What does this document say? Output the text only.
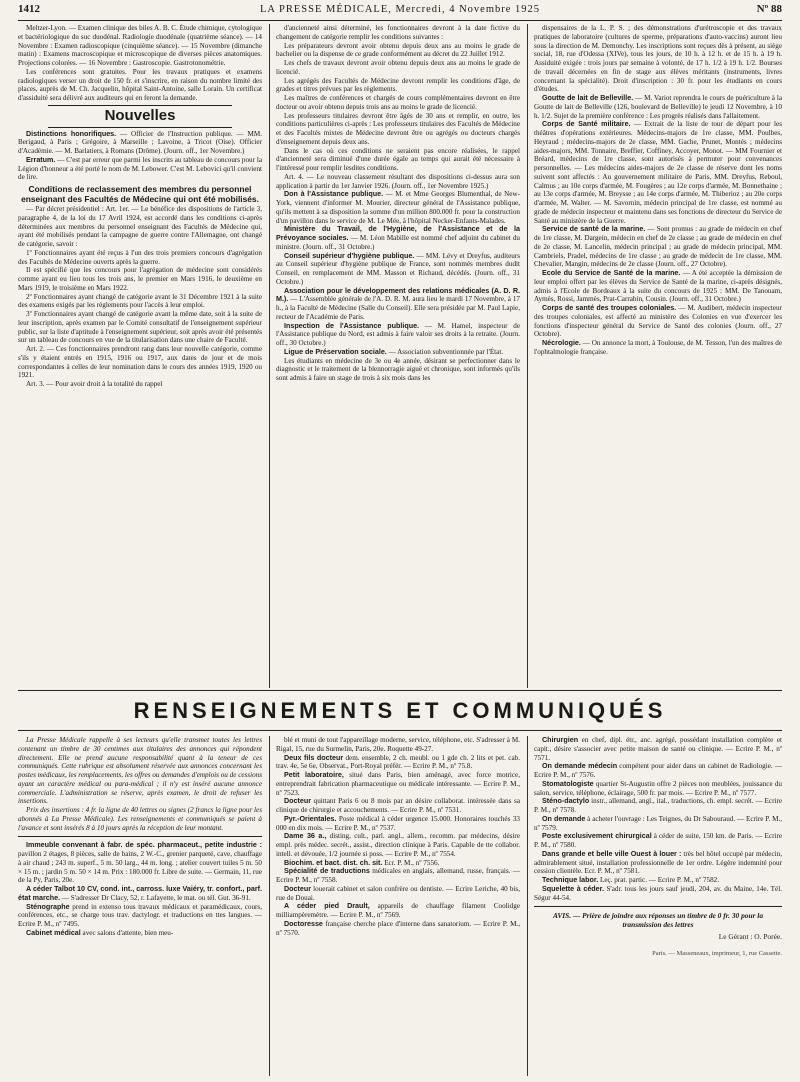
1412	LA PRESSE MÉDICALE, Mercredi, 4 Novembre 1925	Nº 88

Meltzer-Lyon. — Examen clinique des biles A. B. C. Étude chimique, cytologique et bactériologique du suc duodénal. Radiologie duodénale (quatrième séance). — 14 Novembre : Examen radioscopique (cinquième séance). — 15 Novembre (dimanche matin) : Examens macroscopique et microscopique de diverses pièces anatomiques. Projections colorées. — 16 Novembre : Gastroscopie. Gastrotonométrie.

Les conférences sont gratuites. Pour les travaux pratiques et examens radiologiques verser un droit de 150 fr. et s'inscrire, en raison du nombre limité des places, auprès de M. Ch. Jacquelin, hôpital Saint-Antoine, salle Lorain. Un certificat d'assiduité sera délivré aux auditeurs qui en feront la demande.

Nouvelles

Distinctions honorifiques. — Officier de l'Instruction publique. — MM. Berigaud, à Paris ; Grégoire, à Marseille ; Lavoine, à Tricot (Oise). Officier d'Académie. — M. Barlatiers, à Romans (Drôme). (Journ. off., 1er Novembre.)

Erratum. — C'est par erreur que parmi les inscrits au tableau de concours pour la Légion d'honneur a été porté le nom de M. Lebower. C'est M. Lebovici qu'il convient de lire.

Conditions de reclassement des membres du personnel enseignant des Facultés de Médecine qui ont été mobilisés.

— Par décret présidentiel : Art. 1er. — Le bénéfice des dispositions de l'article 3, paragraphe 4, de la loi du 17 Avril 1924, est accordé dans les conditions ci-après déterminées aux membres du personnel enseignant des Facultés de Médecine qui, ayant été mobilisés pendant la campagne de guerre contre l'Allemagne, ont changé de catégorie, savoir :

1º Fonctionnaires ayant été reçus à l'un des trois premiers concours d'agrégation des Facultés de Médecine ouverts après la guerre.

Il est spécifié que les concours pour l'agrégation de médecine sont considérés comme ayant eu lieu tous les trois ans, le premier en Mars 1916, le deuxième en Mars 1919, le troisième en Mars 1922.

2º Fonctionnaires ayant changé de catégorie avant le 31 Décembre 1921 à la suite des examens exigés par les règlements pour l'accès à leur emploi.

3º Fonctionnaires ayant changé de catégorie avant la même date, soit à la suite de leur inscription, après examen par le Comité consultatif de l'enseignement supérieur public, sur la liste d'aptitude à l'enseignement supérieur, soit après avoir été présentés sur un tableau de concours en vue de la titularisation dans une chaire de Faculté.

Art. 2. — Ces fonctionnaires prendront rang dans leur nouvelle catégorie, comme s'ils y étaient entrés en 1915, 1916 ou 1917, aux dates de jour et de mois correspondantes à celles de leur nomination dans le cours des années 1919, 1920 ou 1921.

Art. 3. — Pour avoir droit à la totalité du rappel

d'ancienneté ainsi déterminé, les fonctionnaires devront à la date fictive du changement de catégorie remplir les conditions suivantes :

Les préparateurs devront avoir obtenu depuis deux ans au moins le grade de bachelier ou la dispense de ce grade conformément au décret du 22 Juillet 1912.

Les chefs de travaux devront avoir obtenu depuis deux ans au moins le grade de licencié.

Les agrégés des Facultés de Médecine devront remplir les conditions d'âge, de grades et titres prévues par les règlements.

Les maîtres de conférences et chargés de cours complémentaires devront en être docteur ou avoir obtenu depuis trois ans au moins le grade de licencié.

Les professeurs titulaires devront être âgés de 30 ans et remplir, en outre, les conditions particulières ci-après : Les professeurs titulaires des Facultés de Médecine et des Facultés mixtes de Médecine devront être ou agrégés ou docteurs chargés d'enseignement depuis deux ans.

Dans le cas où ces conditions ne seraient pas encore réalisées, le rappel d'ancienneté sera diminué d'une durée égale au temps qui aurait été nécessaire à l'intéressé pour remplir lesdites conditions.

Art. 4. — Le nouveau classement résultant des dispositions ci-dessus aura son application à partir du 1er Janvier 1926. (Journ. off., 1er Novembre 1925.)

Don à l'Assistance publique. — M. et Mme Georges Blumenthal, de New-York, viennent d'informer M. Mourier, directeur général de l'Assistance publique, qu'ils mettent à sa disposition la somme d'un million 800.000 fr. pour la construction d'un pavillon dans le service de M. Le Mée, à l'hôpital Necker-Enfants-Malades.

Ministère du Travail, de l'Hygiène, de l'Assistance et de la Prévoyance sociales. — M. Léon Mabille est nommé chef adjoint du cabinet du ministre. (Journ. off., 31 Octobre.)

Conseil supérieur d'hygiène publique. — MM. Lévy et Dreyfus, auditeurs au Conseil supérieur d'hygiène publique de France, sont nommés membres dudit Conseil, en remplacement de MM. Masson et Richaud, décédés. (Journ. off., 31 Octobre.)

Association pour le développement des relations médicales (A. D. R. M.). — L'Assemblée générale de l'A. D. R. M. aura lieu le mardi 17 Novembre, à 17 h., à la Faculté de Médecine (Salle du Conseil). Elle sera présidée par M. Paul Lapie, recteur de l'Académie de Paris.

Inspection de l'Assistance publique. — M. Hamel, inspecteur de l'Assistance publique du Nord, est admis à faire valoir ses droits à la retraite. (Journ. off., 30 Octobre.)

Ligue de Préservation sociale. — Association subventionnée par l'État.

Les étudiants en médecine de 3e ou 4e année, désirant se perfectionner dans le diagnostic et le traitement de la blennorragie aiguë et chronique, sont informés qu'ils sont admis à faire un stage de trois à six mois dans les

dispensaires de la L. P. S. ; des démonstrations d'urétroscopie et des travaux pratiques de laboratoire (cultures de sperme, préparations d'auto-vaccins) auront lieu sous la direction de M. Demonchy. Les inscriptions sont reçues dès à présent, au siège social, 18, rue d'Odessa (XIVe), tous les jours, de 10 h. à 12 h. et de 15 h. à 19 h. Assiduité exigée : trois jours par semaine à volonté, de 17 h. 1/2 à 19 h. 1/2. Bourses de travail décernées en fin de stage aux élèves méritants (instruments, livres concernant la spécialité). Droit d'inscription : 30 fr. pour les étudiants en cours d'études.

Goutte de lait de Belleville. — M. Variot reprendra le cours de puériculture à la Goutte de lait de Belleville (126, boulevard de Belleville) le jeudi 12 Novembre, à 10 h. 1/2. Sujet de la première conférence : Les progrès réalisés dans l'allaitement.

Corps de Santé militaire. — Extrait de la liste de tour de départ pour les théâtres d'opérations extérieures. Médecins-majors de 1re classe, MM. Poulbes, Heyraud ; médecins-majors de 2e classe, MM. Gache, Prunet, Montés ; médecins aides-majors, MM. Tonnaire, Breffier, Coffiney, Accoyer, Monot. — MM Fournier et Bréard, médecins de 1re classe, sont autorisés à permuter pour convenances personnelles. — Les médecins aides-majors de 2e classe de réserve dont les noms suivent sont affectés : Au gouvernement militaire de Paris, MM. Dreyfus, Reboul, Calmus ; au 10e corps d'armée, M. Fougères ; au 12e corps d'armée, M. Bonnethaine ; au 13e corps d'armée, M. Breysse ; au 14e corps d'armée, M. Thiberioz ; au 20e corps d'armée, M. Walter. — M. Savornin, médecin principal de 1re classe, est nommé au grade de médecin inspecteur et maintenu dans ses fonctions de directeur du Service de Santé au ministère de la Guerre.

Service de santé de la marine. — Sont promus : au grade de médecin en chef de 1re classe, M. Dargein, médecin en chef de 2e classe ; au grade de médecin en chef de 2e classe, M. Lancelin, médecin principal ; au grade de médecin principal, MM. Cambriels, Pradel, médecins de 1re classe ; au grade de médecin de 1re classe, MM. Chevalier, Mangin, médecins de 2e classe (Journ. off., 27 Octobre).

Ecole du Service de Santé de la marine. — A été acceptée la démission de leur emploi offert par les élèves du Service de Santé de la marine, ci-après désignés, admis à l'Ecole de Bordeaux à la suite du concours de 1925 : MM. De Tanouam, Aymès, Rossi, Jammès, Prat-Carrabin, Cousin. (Journ. off., 31 Octobre.)

Corps de santé des troupes coloniales. — M. Audibert, médecin inspecteur des troupes coloniales, est affecté au ministère des Colonies en vue d'exercer les fonctions d'inspecteur général du Service de Santé des colonies (Journ. off., 27 Octobre).

Nécrologie. — On annonce la mort, à Toulouse, de M. Tesson, l'un des maîtres de l'ophtalmologie française.

RENSEIGNEMENTS ET COMMUNIQUÉS

La Presse Médicale rappelle à ses lecteurs qu'elle transmet toutes les lettres contenant un timbre de 30 centimes aux titulaires des annonces qui répondent directement. Elle ne prend aucune responsabilité quant à la teneur de ces communiqués. Cette rubrique est absolument réservée aux annonces concernant les postes médicaux, les remplacements, les offres ou demandes d'emplois ou de cessions ayant un caractère médical ou para-médical ; il n'y est inséré aucune annonce commerciale. L'administration se réserve, après examen, le droit de refuser les insertions.

Prix des insertions : 4 fr. la ligne de 40 lettres ou signes (2 francs la ligne pour les abonnés à La Presse Médicale). Les renseignements et communiqués se paient à l'avance et sont insérés 8 à 10 jours après la réception de leur montant.

Immeuble convenant à fabr. de spéc. pharmaceut., petite industrie : pavillon 2 étages, 8 pièces, salle de bains, 2 W.-C., grenier parqueté, cave, chauffage à air chaud ; 243 m. superf., 5 m. 50 larg., 44 m. long. ; atelier couvert tuiles 5 m. 50 × 15 m. ; jardin 5 m. 50 × 14 m. Prix : 180.000 fr. Libre de suite. — Germain, 11, rue de la Py, Paris, 20e.

A céder Talbot 10 CV, cond. int., carross. luxe Vaiéry, tr. confort., parf. état marche. — S'adresser Dr Clacy, 52, r. Lafayette, le mat. ou tél. Gut. 36-91.

Sténographe prend in extenso tous travaux médicaux et paramédicaux, cours, conférences, etc., se charge tous trav. dactylogr. et traductions en ttes langues. — Ecrire P. M., nº 7495.

Cabinet médical avec salons d'attente, bien meu-

blé et muni de tout l'appareillage moderne, service, téléphone, etc. S'adresser à M. Rigal, 15, rue du Surmelin, Paris, 20e. Roquette 49-27.

Deux fils docteur dem. ensemble, 2 ch. meubl. ou 1 gde ch. 2 lits et pet. cab. trav. 4e, 5e 6e, Observat., Port-Royal préfér. — Ecrire P. M., nº 75.8.

Petit laboratoire, situé dans Paris, bien aménagé, avec force motrice, entreprendrait fabrication pharmaceutique ou médicale intéressante. — Ecrire P. M., nº 7523.

Docteur quittant Paris 6 ou 8 mois par an désire collaborat. intéressée dans sa clinique de chirurgie et accouchements. — Ecrire P. M., nº 7531.

Pyr.-Orientales. Poste médical à céder urgence 15.000. Honoraires touchés 33 000 en dix mois. — Ecrire P. M., nº 7537.

Dame 36 a., disting, cult., parl. angl., allem., recomm. par médecins, désire empl. près médec. secrét., assist., direction clinique à Paris. Capable de tte collabor. intell. et dévouée, 1/2 journée si poss. — Ecrire P. M., nº 7554.

Biochim. et bact. dist. ch. sit. Ecr. P. M., nº 7556.

Spécialité de traductions médicales en anglais, allemand, russe, français. — Ecrire P. M., nº 7558.

Docteur louerait cabinet et salon confrère ou dentiste. — Ecrire Leriche, 40 bis, rue de Douai.

A céder pied Drault, appareils de chauffage filament Coolidge milliampèremètre. — Ecrire P. M., nº 7569.

Doctoresse française cherche place d'interne dans sanatorium. — Ecrire P. M., nº 7570.

Chirurgien en chef, dipl. étr., anc. agrégé, possédant installation complète et capit., désire s'associer avec petite maison de santé ou clinique. — Ecrire P. M., nº 7571.

On demande médecin compétent pour aider dans un cabinet de Radiologie. — Ecrire P. M., nº 7576.

Stomatologiste quartier St-Augustin offre 2 pièces non meublées, jouissance du salon, service, téléphone, éclairage, 500 fr. par mois. — Ecrire P. M., nº 7577.

Sténo-dactylo instr., allemand, angl., ital., traductions, ch. empl. secrét. — Ecrire P. M., nº 7578.

On demande à acheter l'ouvrage : Les Teignes, du Dr Sabouraud. — Ecrire P. M., nº 7579.

Poste exclusivement chirurgical à céder de suite, 150 km. de Paris. — Ecrire P. M., nº 7580.

Dans grande et belle ville Ouest à louer : très bel hôtel occupé par médecin, admirablement situé, installation professionnelle de 1er ordre. Légère indemnité pour cession clientèle. Ecr. P. M., nº 7581.

Technique labor. Leç. prat. partic. — Ecrire P. M., nº 7582.

Squelette à céder. S'adr. tous les jours sauf jeudi, 204, av. du Maine, 14e. Tél. Ségur 44-54.

AVIS. — Prière de joindre aux réponses un timbre de 0 fr. 30 pour la transmission des lettres
Le Gérant : O. Porée.
Paris. — Masseneaux, imprimeur, 1, rue Cassette.
